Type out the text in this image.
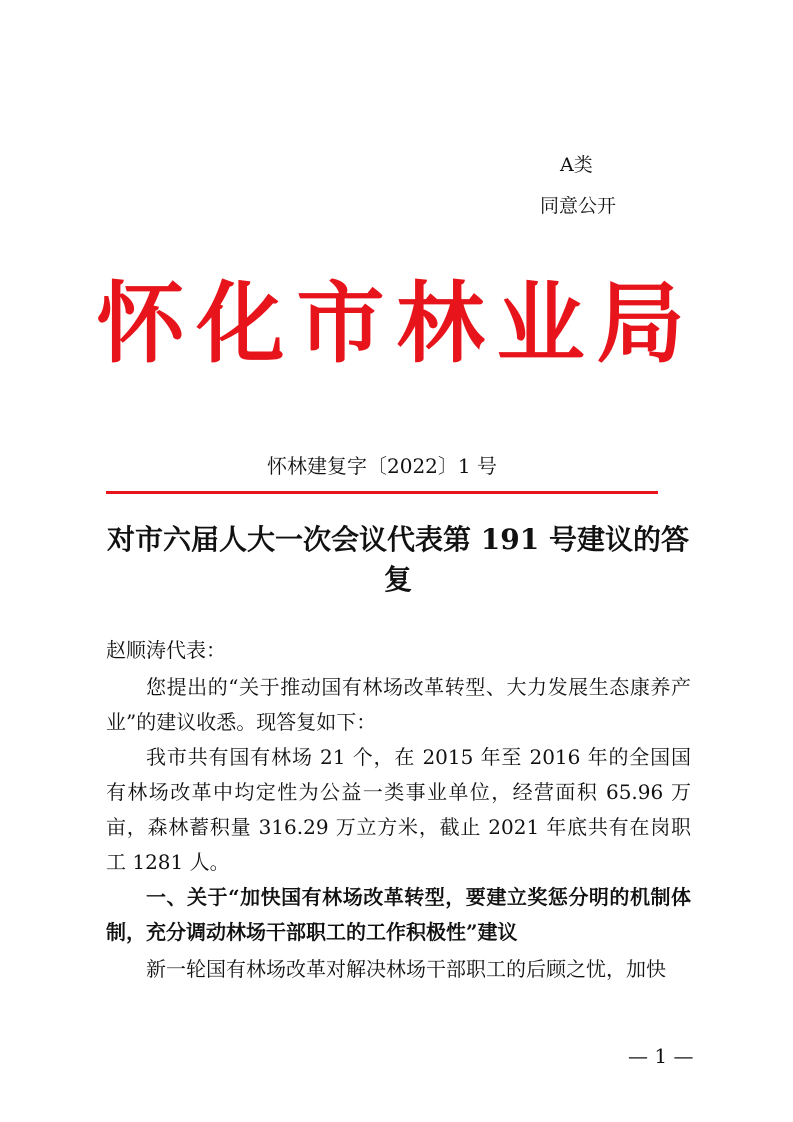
A类
同意公开
怀化市林业局
怀林建复字〔2022〕1 号
对市六届人大一次会议代表第 191 号建议的答复
赵顺涛代表：
您提出的“关于推动国有林场改革转型、大力发展生态康养产业”的建议收悉。现答复如下：
我市共有国有林场 21 个，在 2015 年至 2016 年的全国国有林场改革中均定性为公益一类事业单位，经营面积 65.96 万亩，森林蓄积量 316.29 万立方米，截止 2021 年底共有在岗职工 1281 人。
一、关于“加快国有林场改革转型，要建立奖惩分明的机制体制，充分调动林场干部职工的工作积极性”建议
新一轮国有林场改革对解决林场干部职工的后顾之忧，加快
— 1 —
